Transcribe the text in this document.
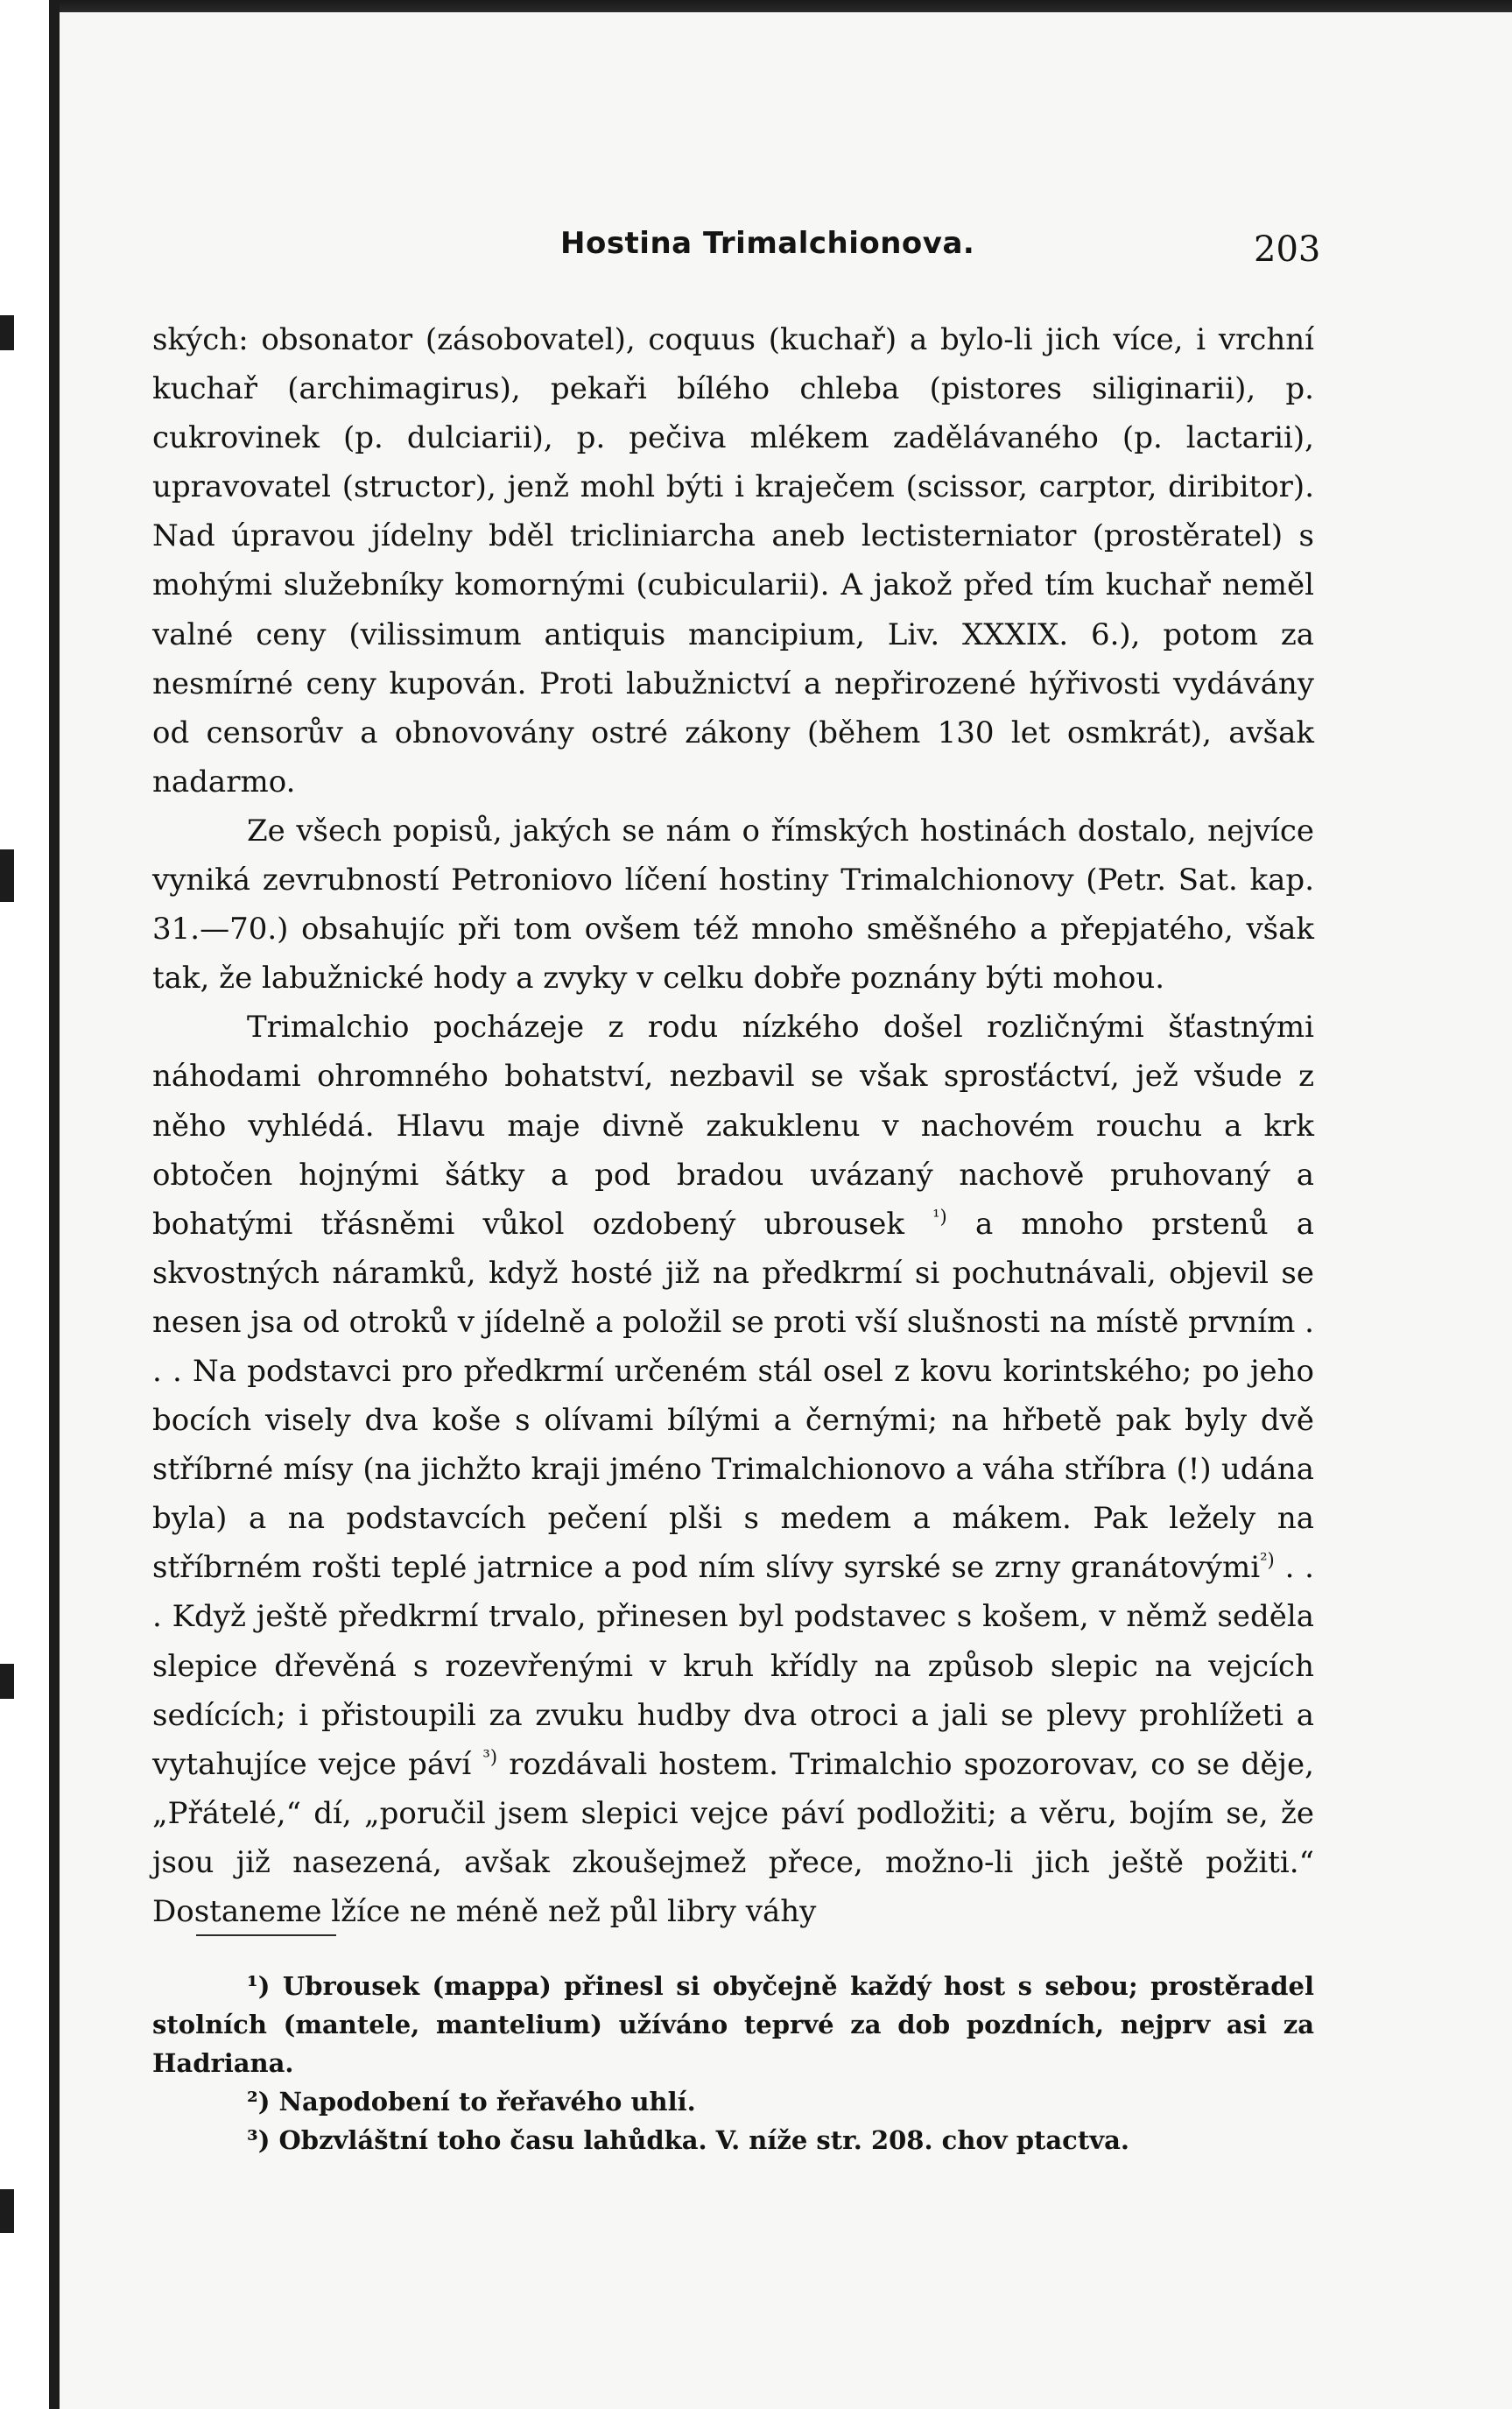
Hostina Trimalchionova.	203

ských: obsonator (zásobovatel), coquus (kuchař) a bylo-li jich více, i vrchní kuchař (archimagirus), pekaři bílého chleba (pistores siliginarii), p. cukrovinek (p. dulciarii), p. pečiva mlékem zadělávaného (p. lactarii), upravovatel (structor), jenž mohl býti i kraječem (scissor, carptor, diribitor). Nad úpravou jídelny bděl tricliniarcha aneb lectisterniator (prostěratel) s mohými služebníky komornými (cubicularii). A jakož před tím kuchař neměl valné ceny (vilissimum antiquis mancipium, Liv. XXXIX. 6.), potom za nesmírné ceny kupován. Proti labužnictví a nepřirozené hýřivosti vydávány od censorův a obnovovány ostré zákony (během 130 let osmkrát), avšak nadarmo.

Ze všech popisů, jakých se nám o římských hostinách dostalo, nejvíce vyniká zevrubností Petroniovo líčení hostiny Trimalchionovy (Petr. Sat. kap. 31.—70.) obsahujíc při tom ovšem též mnoho směšného a přepjatého, však tak, že labužnické hody a zvyky v celku dobře poznány býti mohou.

Trimalchio pocházeje z rodu nízkého došel rozličnými šťastnými náhodami ohromného bohatství, nezbavil se však sprosťáctví, jež všude z něho vyhlédá. Hlavu maje divně zakuklenu v nachovém rouchu a krk obtočen hojnými šátky a pod bradou uvázaný nachově pruhovaný a bohatými třásněmi vůkol ozdobený ubrousek $^{^1)}$ a mnoho prstenů a skvostných náramků, když hosté již na předkrmí si pochutnávali, objevil se nesen jsa od otroků v jídelně a položil se proti vší slušnosti na místě prvním . . . Na podstavci pro předkrmí určeném stál osel z kovu korintského; po jeho bocích visely dva koše s olívami bílými a černými; na hřbetě pak byly dvě stříbrné mísy (na jichžto kraji jméno Trimalchionovo a váha stříbra (!) udána byla) a na podstavcích pečení plši s medem a mákem. Pak ležely na stříbrném rošti teplé jatrnice a pod ním slívy syrské se zrny granátovými$^{^2)}$ . . . Když ještě předkrmí trvalo, přinesen byl podstavec s košem, v němž seděla slepice dřevěná s rozevřenými v kruh křídly na způsob slepic na vejcích sedících; i přistoupili za zvuku hudby dva otroci a jali se plevy prohlížeti a vytahujíce vejce páví $^{^3)}$ rozdávali hostem. Trimalchio spozorovav, co se děje, „Přátelé,“ dí, „poručil jsem slepici vejce páví podložiti; a věru, bojím se, že jsou již nasezená, avšak zkoušejmež přece, možno-li jich ještě požiti.“ Dostaneme lžíce ne méně než půl libry váhy

¹) Ubrousek (mappa) přinesl si obyčejně každý host s sebou; prostěradel stolních (mantele, mantelium) užíváno teprvé za dob pozdních, nejprv asi za Hadriana.

²) Napodobení to řeřavého uhlí.

³) Obzvláštní toho času lahůdka. V. níže str. 208. chov ptactva.
